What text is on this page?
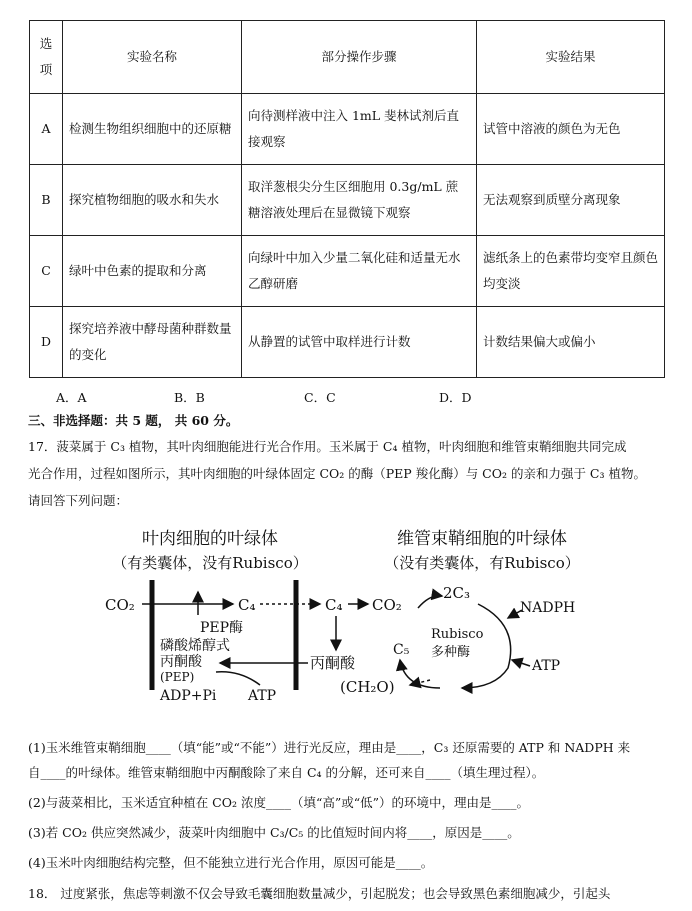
选
项	实验名称	部分操作步骤	实验结果
A	检测生物组织细胞中的还原糖	向待测样液中注入 1mL 斐林试剂后直接观察	试管中溶液的颜色为无色
B	探究植物细胞的吸水和失水	取洋葱根尖分生区细胞用 0.3g/mL 蔗糖溶液处理后在显微镜下观察	无法观察到质壁分离现象
C	绿叶中色素的提取和分离	向绿叶中加入少量二氧化硅和适量无水乙醇研磨	滤纸条上的色素带均变窄且颜色均变淡
D	探究培养液中酵母菌种群数量的变化	从静置的试管中取样进行计数	计数结果偏大或偏小
A．A	B．B	C．C	D．D
三、非选择题：共 5 题， 共 60 分。
17．菠菜属于 C₃ 植物，其叶肉细胞能进行光合作用。玉米属于 C₄ 植物，叶肉细胞和维管束鞘细胞共同完成
光合作用，过程如图所示，其叶肉细胞的叶绿体固定 CO₂ 的酶（PEP 羧化酶）与 CO₂ 的亲和力强于 C₃ 植物。
请回答下列问题：
叶肉细胞的叶绿体
（有类囊体，没有Rubisco）
维管束鞘细胞的叶绿体
（没有类囊体，有Rubisco）
CO₂	C₄	C₄ CO₂
PEP酶
磷酸烯醇式
丙酮酸
(PEP)
丙酮酸
ADP+Pi ATP
2C₃
NADPH
Rubisco
多种酶
C₅
ATP
(CH₂O)
(1)玉米维管束鞘细胞____（填“能”或“不能”）进行光反应，理由是____，C₃ 还原需要的 ATP 和 NADPH 来
自____的叶绿体。维管束鞘细胞中丙酮酸除了来自 C₄ 的分解，还可来自____（填生理过程）。
(2)与菠菜相比，玉米适宜种植在 CO₂ 浓度____（填“高”或“低”）的环境中，理由是____。
(3)若 CO₂ 供应突然减少，菠菜叶肉细胞中 C₃/C₅ 的比值短时间内将____，原因是____。
(4)玉米叶肉细胞结构完整，但不能独立进行光合作用，原因可能是____。
18． 过度紧张，焦虑等刺激不仅会导致毛囊细胞数量减少，引起脱发；也会导致黑色素细胞减少，引起头
